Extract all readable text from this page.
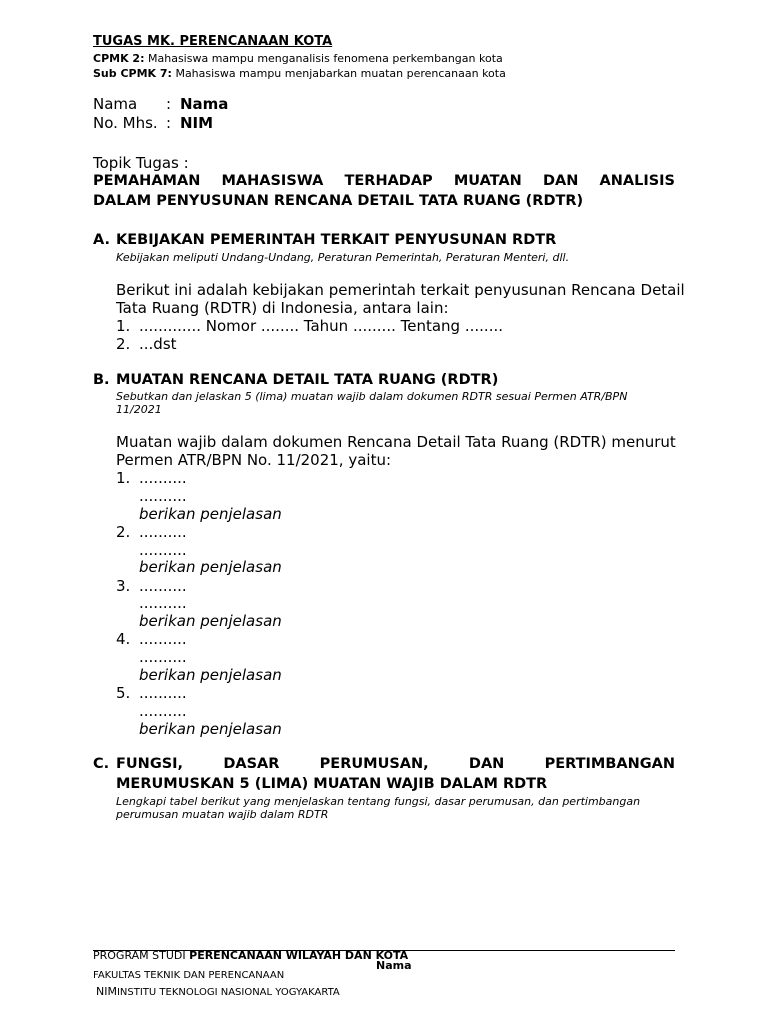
TUGAS MK. PERENCANAAN KOTA
CPMK 2: Mahasiswa mampu menganalisis fenomena perkembangan kota
Sub CPMK 7: Mahasiswa mampu menjabarkan muatan perencanaan kota
Nama : Nama
No. Mhs. : NIM
Topik Tugas :
PEMAHAMAN MAHASISWA TERHADAP MUATAN DAN ANALISIS
DALAM PENYUSUNAN RENCANA DETAIL TATA RUANG (RDTR)
A. KEBIJAKAN PEMERINTAH TERKAIT PENYUSUNAN RDTR
Kebijakan meliputi Undang-Undang, Peraturan Pemerintah, Peraturan Menteri, dll.
Berikut ini adalah kebijakan pemerintah terkait penyusunan Rencana Detail
Tata Ruang (RDTR) di Indonesia, antara lain:
1. ............. Nomor ........ Tahun ......... Tentang ........
2. ...dst
B. MUATAN RENCANA DETAIL TATA RUANG (RDTR)
Sebutkan dan jelaskan 5 (lima) muatan wajib dalam dokumen RDTR sesuai Permen ATR/BPN
11/2021
Muatan wajib dalam dokumen Rencana Detail Tata Ruang (RDTR) menurut
Permen ATR/BPN No. 11/2021, yaitu:
1. ..........
..........
berikan penjelasan
2. ..........
..........
berikan penjelasan
3. ..........
..........
berikan penjelasan
4. ..........
..........
berikan penjelasan
5. ..........
..........
berikan penjelasan
C. FUNGSI, DASAR PERUMUSAN, DAN PERTIMBANGAN
MERUMUSKAN 5 (LIMA) MUATAN WAJIB DALAM RDTR
Lengkapi tabel berikut yang menjelaskan tentang fungsi, dasar perumusan, dan pertimbangan
perumusan muatan wajib dalam RDTR
PROGRAM STUDI PERENCANAAN WILAYAH DAN KOTA
Nama
FAKULTAS TEKNIK DAN PERENCANAAN
NIMINSTITU TEKNOLOGI NASIONAL YOGYAKARTA
